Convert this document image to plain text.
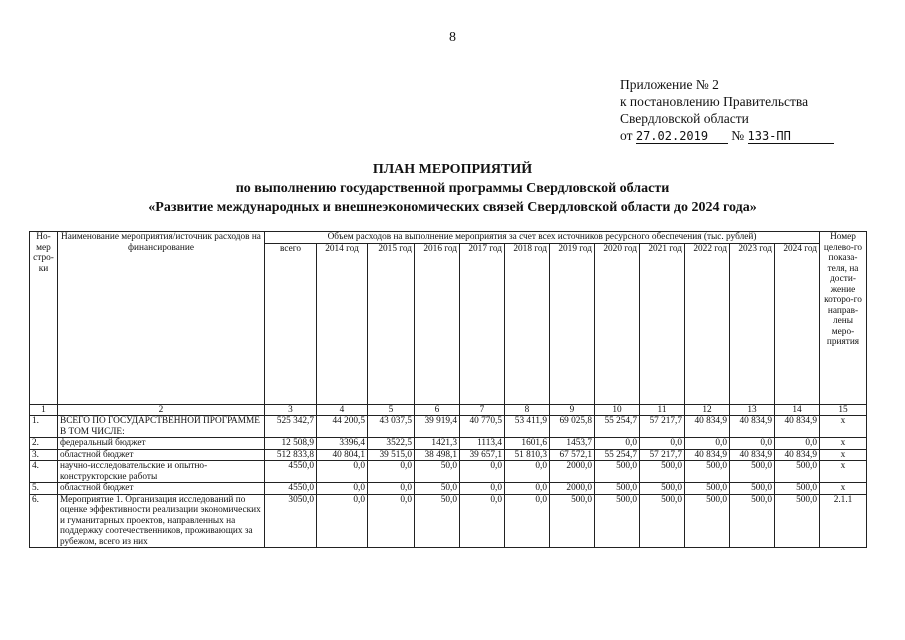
8
Приложение № 2
к постановлению Правительства
Свердловской области
от 27.02.2019 № 133-ПП
ПЛАН МЕРОПРИЯТИЙ
по выполнению государственной программы Свердловской области
«Развитие международных и внешнеэкономических связей Свердловской области до 2024 года»
Но-мер стро-ки	Наименование мероприятия/источник расходов на финансирование	Объем расходов на выполнение мероприятия за счет всех источников ресурсного обеспечения (тыс. рублей)												Номер целево-го показа-теля, на дости-жение которо-го направ-лены меро-приятия
		всего	2014 год	2015 год	2016 год	2017 год	2018 год	2019 год	2020 год	2021 год	2022 год	2023 год	2024 год	
1	2	3	4	5	6	7	8	9	10	11	12	13	14	15
1.	ВСЕГО ПО ГОСУДАРСТВЕННОЙ ПРОГРАММЕ В ТОМ ЧИСЛЕ:	525 342,7	44 200,5	43 037,5	39 919,4	40 770,5	53 411,9	69 025,8	55 254,7	57 217,7	40 834,9	40 834,9	40 834,9	x
2.	федеральный бюджет	12 508,9	3396,4	3522,5	1421,3	1113,4	1601,6	1453,7	0,0	0,0	0,0	0,0	0,0	x
3.	областной бюджет	512 833,8	40 804,1	39 515,0	38 498,1	39 657,1	51 810,3	67 572,1	55 254,7	57 217,7	40 834,9	40 834,9	40 834,9	x
4.	научно-исследовательские и опытно-конструкторские работы	4550,0	0,0	0,0	50,0	0,0	0,0	2000,0	500,0	500,0	500,0	500,0	500,0	x
5.	областной бюджет	4550,0	0,0	0,0	50,0	0,0	0,0	2000,0	500,0	500,0	500,0	500,0	500,0	x
6.	Мероприятие 1. Организация исследований по оценке эффективности реализации экономических и гуманитарных проектов, направленных на поддержку соотечественников, проживающих за рубежом, всего из них	3050,0	0,0	0,0	50,0	0,0	0,0	500,0	500,0	500,0	500,0	500,0	500,0	2.1.1
